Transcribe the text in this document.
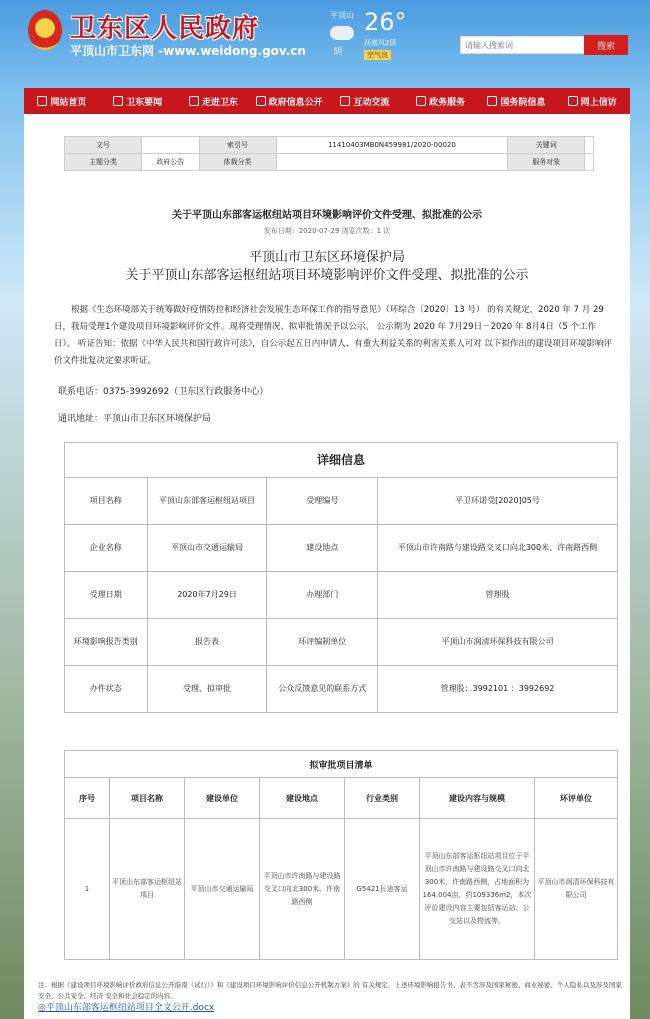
卫东区人民政府
平顶山市卫东网 -www.weidong.gov.cn
平顶山
阴
26°
西南风2级
空气良
请输入搜索词
搜索
网站首页	卫东要闻	走进卫东	政府信息公开	互动交流	政务服务	国务院信息	网上信访
文号		索引号	11410403MB0N459981/2020-00020	关键词	
主题分类	政府公告	体裁分类		服务对象	
关于平顶山东部客运枢纽站项目环境影响评价文件受理、拟批准的公示
发布日期：2020-07-29 浏览次数：1 次
平顶山市卫东区环境保护局
关于平顶山东部客运枢纽站项目环境影响评价文件受理、拟批准的公示

根据《生态环境部关于统筹做好疫情防控和经济社会发展生态环保工作的指导意见》（环综合〔2020〕13 号） 的有关规定，2020 年 7 月 29日，我局受理1个建设项目环境影响评价文件。现将受理情况、拟审批情况予以公示。 公示期为 2020 年 7月29日－2020 年 8月4日（5 个工作日）。 听证告知：依据《中华人民共和国行政许可法》，自公示起五日内申请人、有重大利益关系的利害关系人可对 以下拟作出的建设项目环境影响评价文件批复决定要求听证。

联系电话：0375-3992692（卫东区行政服务中心）
通讯地址：平顶山市卫东区环境保护局
详细信息			
项目名称	平顶山东部客运枢纽站项目	受理编号	平卫环诺受[2020]05号
企业名称	平顶山市交通运输局	建设地点	平顶山市许南路与建设路交叉口向北300米、许南路西侧
受理日期	2020年7月29日	办理部门	管理股
环境影响报告类别	报告表	环评编制单位	平顶山市润清环保科技有限公司
办件状态	受理、拟审批	公众反馈意见的联系方式	管理股：3992101 ：3992692
拟审批项目清单						
序号	项目名称	建设单位	建设地点	行业类别	建设内容与规模	环评单位
1	平顶山东部客运枢纽站项目	平顶山市交通运输局	平顶山市许南路与建设路交叉口向北300米、许南路西侧	G5421长途客运	平顶山东部客运枢纽站项目位于平顶山市许南路与建设路交叉口向北300米，许南路西侧，占地面积为164.004亩，约109336m2，本次评价建设内容主要包括客运站、公交站以及物流等。	平顶山市润清环保科技有限公司
注：根据《建设项目环境影响评价政府信息公开指南（试行）》和《建设项目环境影响评价信息公开机制方案》的 有关规定，上述环境影响报告书、表不含涉及国家秘密、商业秘密、个人隐私以及涉及国家安全、公共安全、经济 安全和社会稳定的内容。
◎平顶山东部客运枢纽站项目全文公开.docx
